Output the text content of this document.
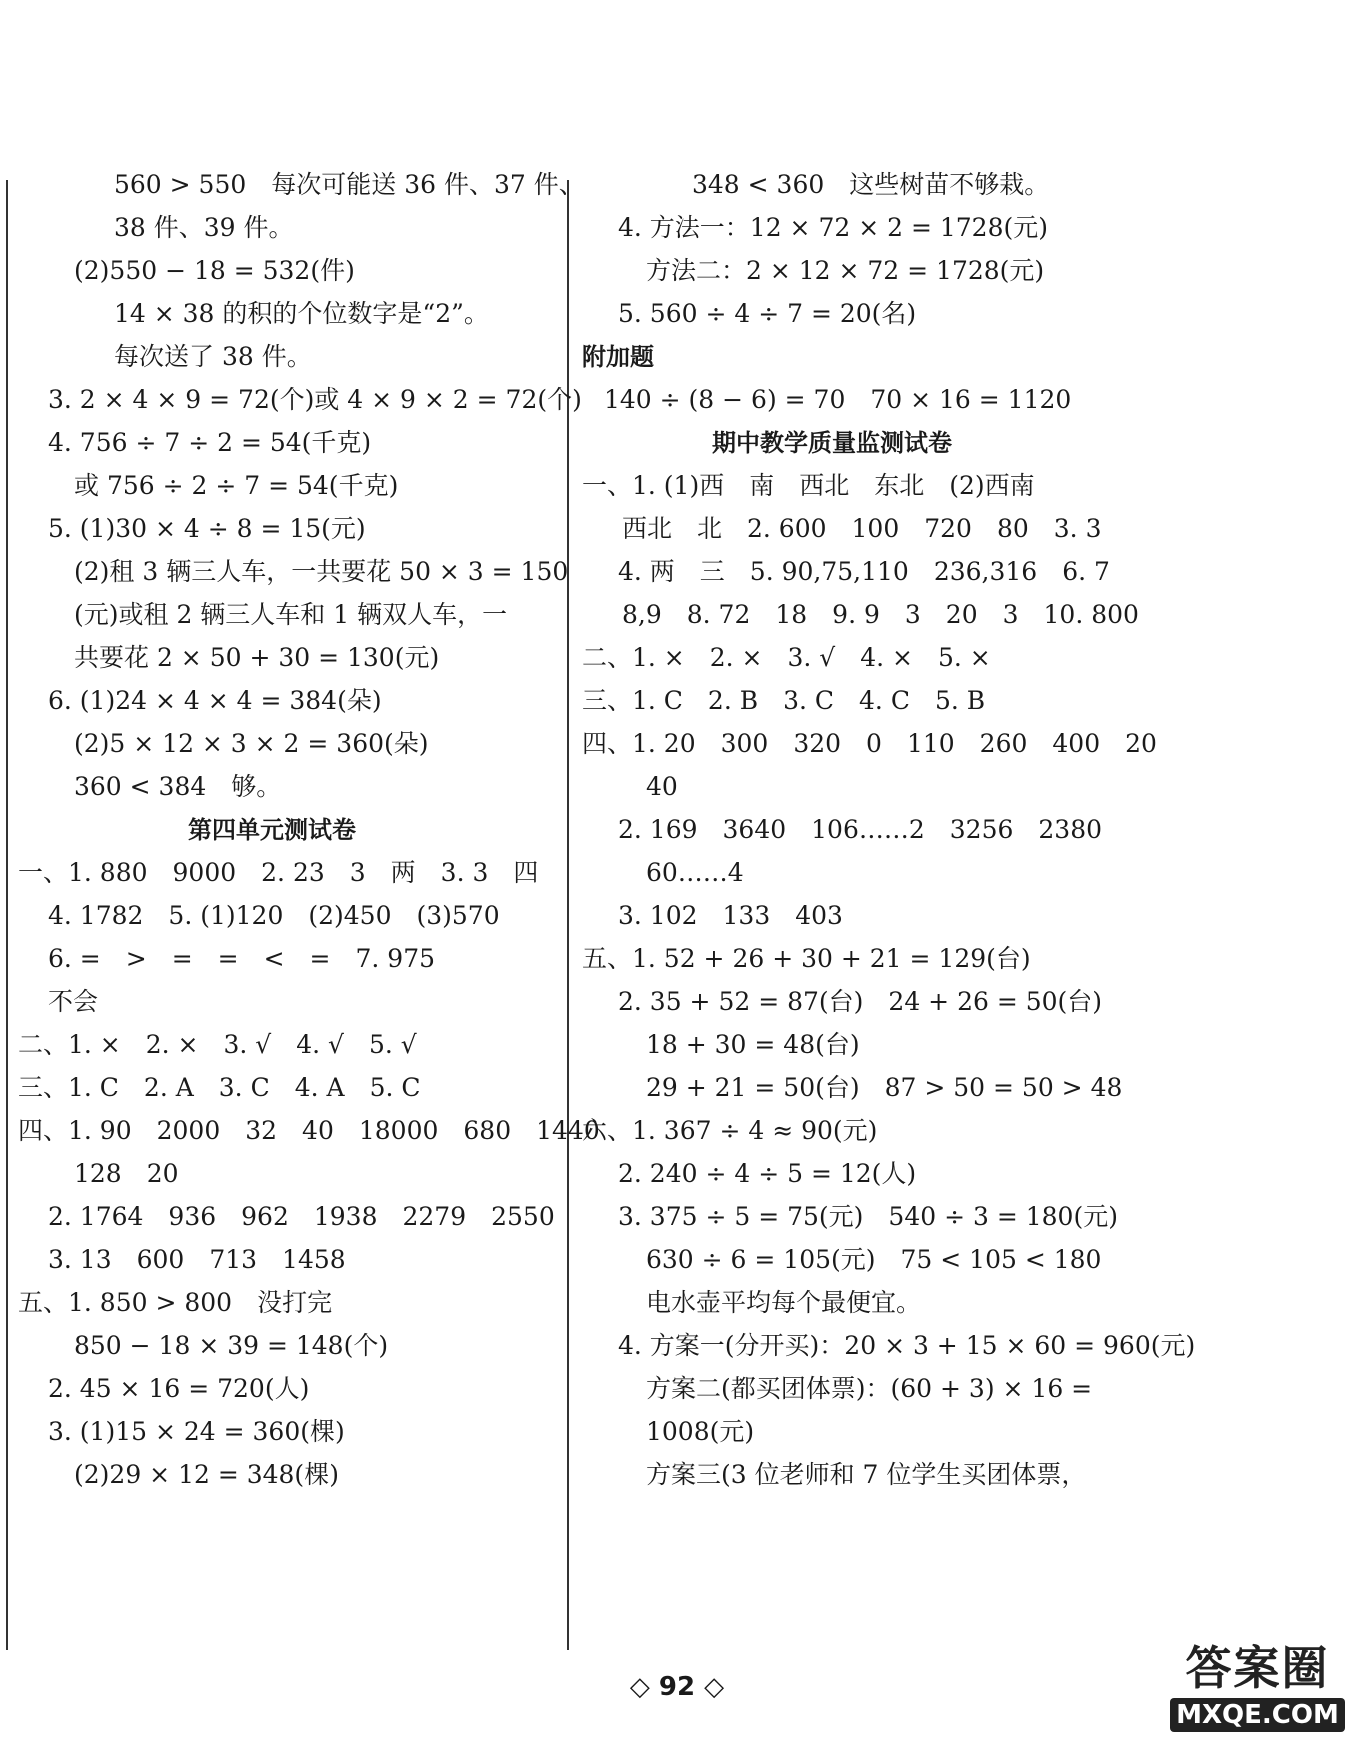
560 > 550　每次可能送 36 件、37 件、
38 件、39 件。
(2)550 − 18 = 532(件)
14 × 38 的积的个位数字是“2”。
每次送了 38 件。
3. 2 × 4 × 9 = 72(个)或 4 × 9 × 2 = 72(个)
4. 756 ÷ 7 ÷ 2 = 54(千克)
或 756 ÷ 2 ÷ 7 = 54(千克)
5. (1)30 × 4 ÷ 8 = 15(元)
(2)租 3 辆三人车，一共要花 50 × 3 = 150
(元)或租 2 辆三人车和 1 辆双人车，一
共要花 2 × 50 + 30 = 130(元)
6. (1)24 × 4 × 4 = 384(朵)
(2)5 × 12 × 3 × 2 = 360(朵)
360 < 384　够。
第四单元测试卷
一、1. 880　9000　2. 23　3　两　3. 3　四
4. 1782　5. (1)120　(2)450　(3)570
6. =　>　=　=　<　=　7. 975
不会
二、1. ×　2. ×　3. √　4. √　5. √
三、1. C　2. A　3. C　4. A　5. C
四、1. 90　2000　32　40　18000　680　1440
128　20
2. 1764　936　962　1938　2279　2550
3. 13　600　713　1458
五、1. 850 > 800　没打完
850 − 18 × 39 = 148(个)
2. 45 × 16 = 720(人)
3. (1)15 × 24 = 360(棵)
(2)29 × 12 = 348(棵)
348 < 360　这些树苗不够栽。
4. 方法一：12 × 72 × 2 = 1728(元)
方法二：2 × 12 × 72 = 1728(元)
5. 560 ÷ 4 ÷ 7 = 20(名)
附加题
140 ÷ (8 − 6) = 70　70 × 16 = 1120
期中教学质量监测试卷
一、1. (1)西　南　西北　东北　(2)西南
西北　北　2. 600　100　720　80　3. 3
4. 两　三　5. 90,75,110　236,316　6. 7
8,9　8. 72　18　9. 9　3　20　3　10. 800
二、1. ×　2. ×　3. √　4. ×　5. ×
三、1. C　2. B　3. C　4. C　5. B
四、1. 20　300　320　0　110　260　400　20
40
2. 169　3640　106……2　3256　2380
60……4
3. 102　133　403
五、1. 52 + 26 + 30 + 21 = 129(台)
2. 35 + 52 = 87(台)　24 + 26 = 50(台)
18 + 30 = 48(台)
29 + 21 = 50(台)　87 > 50 = 50 > 48
六、1. 367 ÷ 4 ≈ 90(元)
2. 240 ÷ 4 ÷ 5 = 12(人)
3. 375 ÷ 5 = 75(元)　540 ÷ 3 = 180(元)
630 ÷ 6 = 105(元)　75 < 105 < 180
电水壶平均每个最便宜。
4. 方案一(分开买)：20 × 3 + 15 × 60 = 960(元)
方案二(都买团体票)：(60 + 3) × 16 =
1008(元)
方案三(3 位老师和 7 位学生买团体票，
◇ 92 ◇	答案圈
MXQE.COM
